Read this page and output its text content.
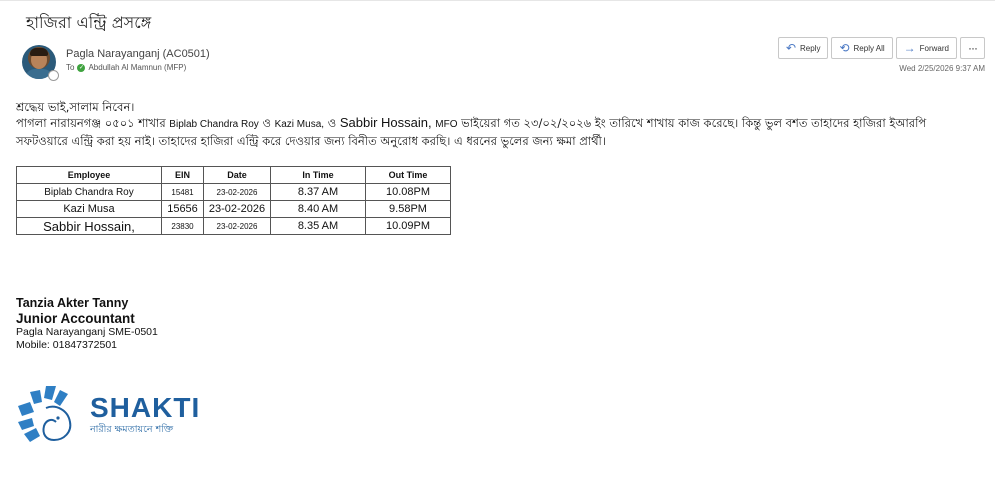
হাজিরা এন্ট্রি প্রসঙ্গে
Pagla Narayanganj (AC0501)
To ✓ Abdullah Al Mamnun (MFP)
↶ Reply ⟲ Reply All → Forward ···
Wed 2/25/2026 9:37 AM

শ্রদ্ধেয় ভাই,সালাম নিবেন।

পাগলা নারায়নগঞ্জ ০৫০১ শাখার Biplab Chandra Roy ও Kazi Musa, ও Sabbir Hossain, MFO ভাইয়েরা গত ২৩/০২/২০২৬ ইং তারিখে শাখায় কাজ করেছে। কিন্তু ভুল বশত তাহাদের হাজিরা ইআরপি

সফটওয়ারে এন্ট্রি করা হয় নাই। তাহাদের হাজিরা এন্ট্রি করে দেওয়ার জন্য বিনীত অনুরোধ করছি। এ ধরনের ভুলের জন্য ক্ষমা প্রার্থী।

Employee	EIN	Date	In Time	Out Time
Biplab Chandra Roy	15481	23-02-2026	8.37 AM	10.08PM
Kazi Musa	15656	23-02-2026	8.40 AM	9.58PM
Sabbir Hossain,	23830	23-02-2026	8.35 AM	10.09PM
Tanzia Akter Tanny
Junior Accountant
Pagla Narayanganj SME-0501
Mobile: 01847372501
SHAKTI
নারীর ক্ষমতায়নে শক্তি
